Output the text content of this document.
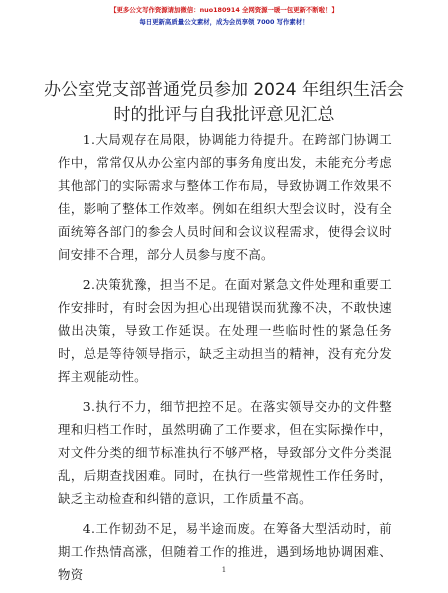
【更多公文写作资源请加微信：nuo180914 全网资源一暖一包更新不断啦！】
每日更新高质量公文素材，成为会员享领 7000 写作素材！
办公室党支部普通党员参加 2024 年组织生活会
时的批评与自我批评意见汇总

1.大局观存在局限，协调能力待提升。在跨部门协调工作中，常常仅从办公室内部的事务角度出发，未能充分考虑其他部门的实际需求与整体工作布局，导致协调工作效果不佳，影响了整体工作效率。例如在组织大型会议时，没有全面统筹各部门的参会人员时间和会议议程需求，使得会议时间安排不合理，部分人员参与度不高。

2.决策犹豫，担当不足。在面对紧急文件处理和重要工作安排时，有时会因为担心出现错误而犹豫不决，不敢快速做出决策，导致工作延误。在处理一些临时性的紧急任务时，总是等待领导指示，缺乏主动担当的精神，没有充分发挥主观能动性。

3.执行不力，细节把控不足。在落实领导交办的文件整理和归档工作时，虽然明确了工作要求，但在实际操作中，对文件分类的细节标准执行不够严格，导致部分文件分类混乱，后期查找困难。同时，在执行一些常规性工作任务时，缺乏主动检查和纠错的意识，工作质量不高。

4.工作韧劲不足，易半途而废。在筹备大型活动时，前期工作热情高涨，但随着工作的推进，遇到场地协调困难、物资	1
